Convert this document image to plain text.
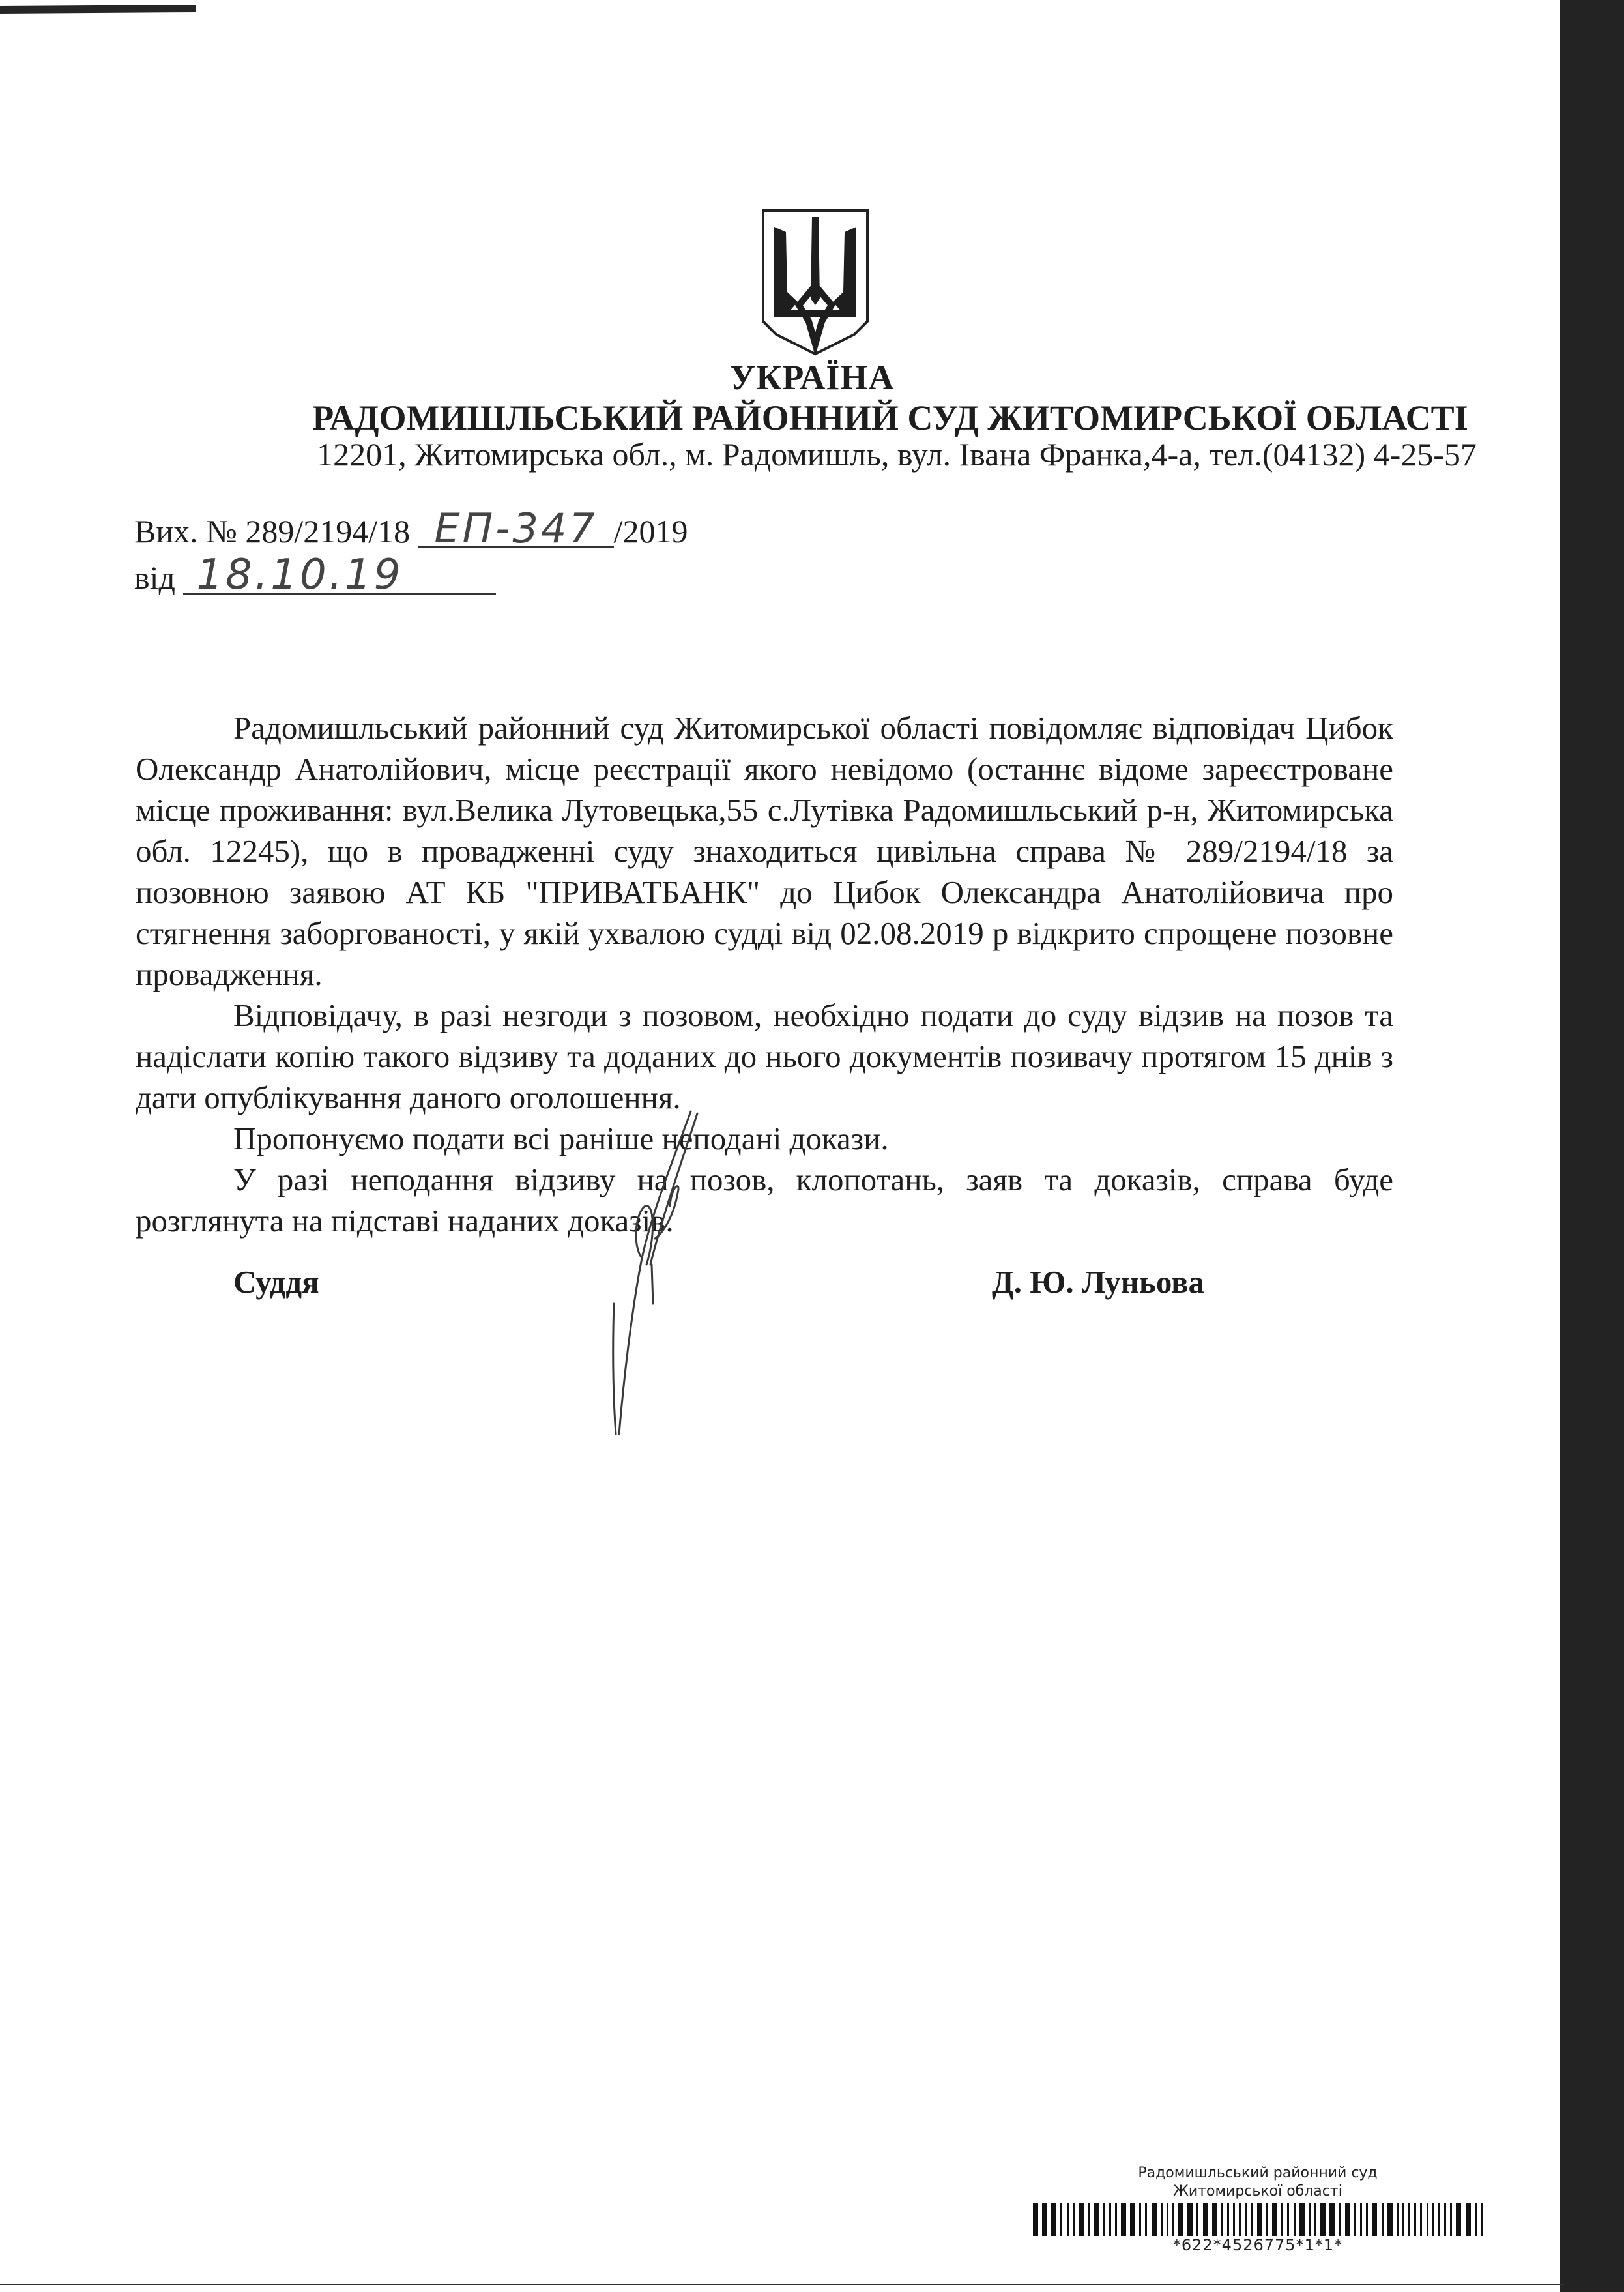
УКРАЇНА
РАДОМИШЛЬСЬКИЙ РАЙОННИЙ СУД ЖИТОМИРСЬКОЇ ОБЛАСТІ
12201, Житомирська обл., м. Радомишль, вул. Івана Франка,4-а, тел.(04132) 4-25-57
Вих. № 289/2194/18 ЕП-347 /2019
від 18.10.19

Радомишльський районний суд Житомирської області повідомляє відповідач Цибок Олександр Анатолійович, місце реєстрації якого невідомо (останнє відоме зареєстроване місце проживання: вул.Велика Лутовецька,55 с.Лутівка Радомишльський р-н, Житомирська обл. 12245), що в провадженні суду знаходиться цивільна справа № 289/2194/18 за позовною заявою АТ КБ "ПРИВАТБАНК" до Цибок Олександра Анатолійовича про стягнення заборгованості, у якій ухвалою судді від 02.08.2019 р відкрито спрощене позовне провадження.

Відповідачу, в разі незгоди з позовом, необхідно подати до суду відзив на позов та надіслати копію такого відзиву та доданих до нього документів позивачу протягом 15 днів з дати опублікування даного оголошення.

Пропонуємо подати всі раніше неподані докази.

У разі неподання відзиву на позов, клопотань, заяв та доказів, справа буде розглянута на підставі наданих доказів.

Суддя	Д. Ю. Луньова
Радомишльський районний суд
Житомирської області
*622*4526775*1*1*
